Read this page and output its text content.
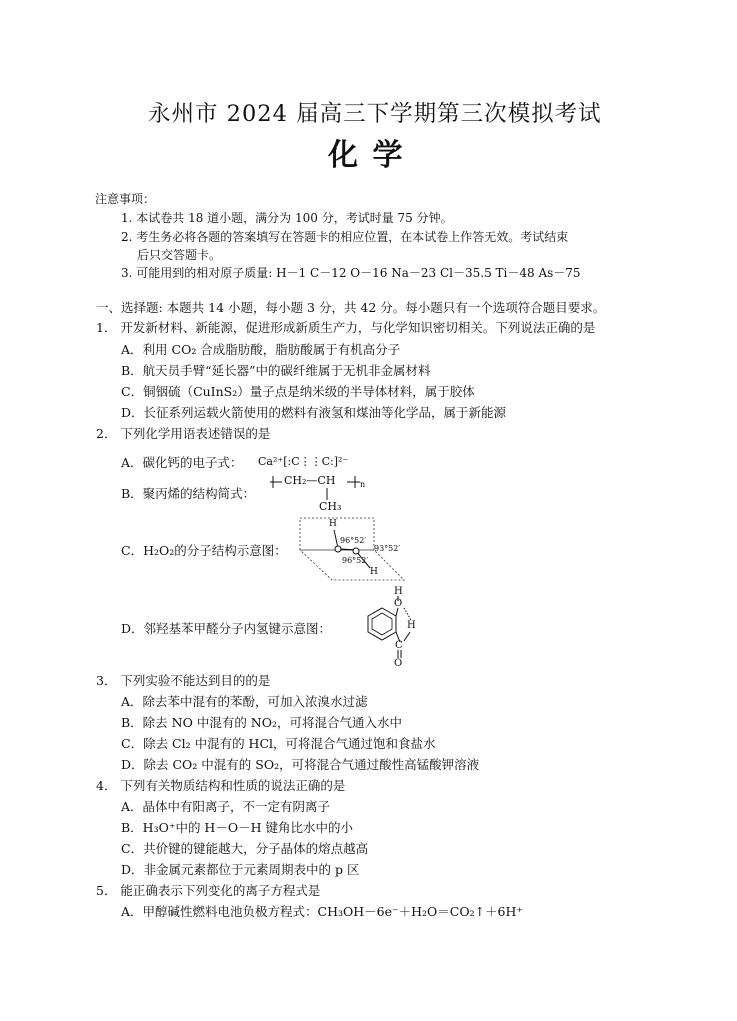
永州市 2024 届高三下学期第三次模拟考试
化 学
注意事项：
1. 本试卷共 18 道小题，满分为 100 分，考试时量 75 分钟。
2. 考生务必将各题的答案填写在答题卡的相应位置，在本试卷上作答无效。考试结束
后只交答题卡。
3. 可能用到的相对原子质量: H－1 C－12 O－16 Na－23 Cl－35.5 Ti－48 As－75
一、选择题: 本题共 14 小题，每小题 3 分，共 42 分。每小题只有一个选项符合题目要求。
1． 开发新材料、新能源，促进形成新质生产力，与化学知识密切相关。下列说法正确的是
A．利用 CO₂ 合成脂肪酸，脂肪酸属于有机高分子
B．航天员手臂“延长器”中的碳纤维属于无机非金属材料
C．铜铟硫（CuInS₂）量子点是纳米级的半导体材料，属于胶体
D．长征系列运载火箭使用的燃料有液氢和煤油等化学品，属于新能源
2． 下列化学用语表述错误的是
A．碳化钙的电子式： Ca²⁺[:C⋮⋮C:]²⁻
B．聚丙烯的结构简式：
CH₂—CH	n
CH₃
C．H₂O₂的分子结构示意图：
H
96°52′
93°52′
96°52′
H
D．邻羟基苯甲醛分子内氢键示意图：
H
O
H
C
O
3． 下列实验不能达到目的的是
A．除去苯中混有的苯酚，可加入浓溴水过滤
B．除去 NO 中混有的 NO₂，可将混合气通入水中
C．除去 Cl₂ 中混有的 HCl，可将混合气通过饱和食盐水
D．除去 CO₂ 中混有的 SO₂，可将混合气通过酸性高锰酸钾溶液
4． 下列有关物质结构和性质的说法正确的是
A．晶体中有阳离子，不一定有阴离子
B．H₃O⁺中的 H－O－H 键角比水中的小
C．共价键的键能越大，分子晶体的熔点越高
D．非金属元素都位于元素周期表中的 p 区
5． 能正确表示下列变化的离子方程式是
A．甲醇碱性燃料电池负极方程式：CH₃OH－6e⁻＋H₂O＝CO₂↑＋6H⁺
